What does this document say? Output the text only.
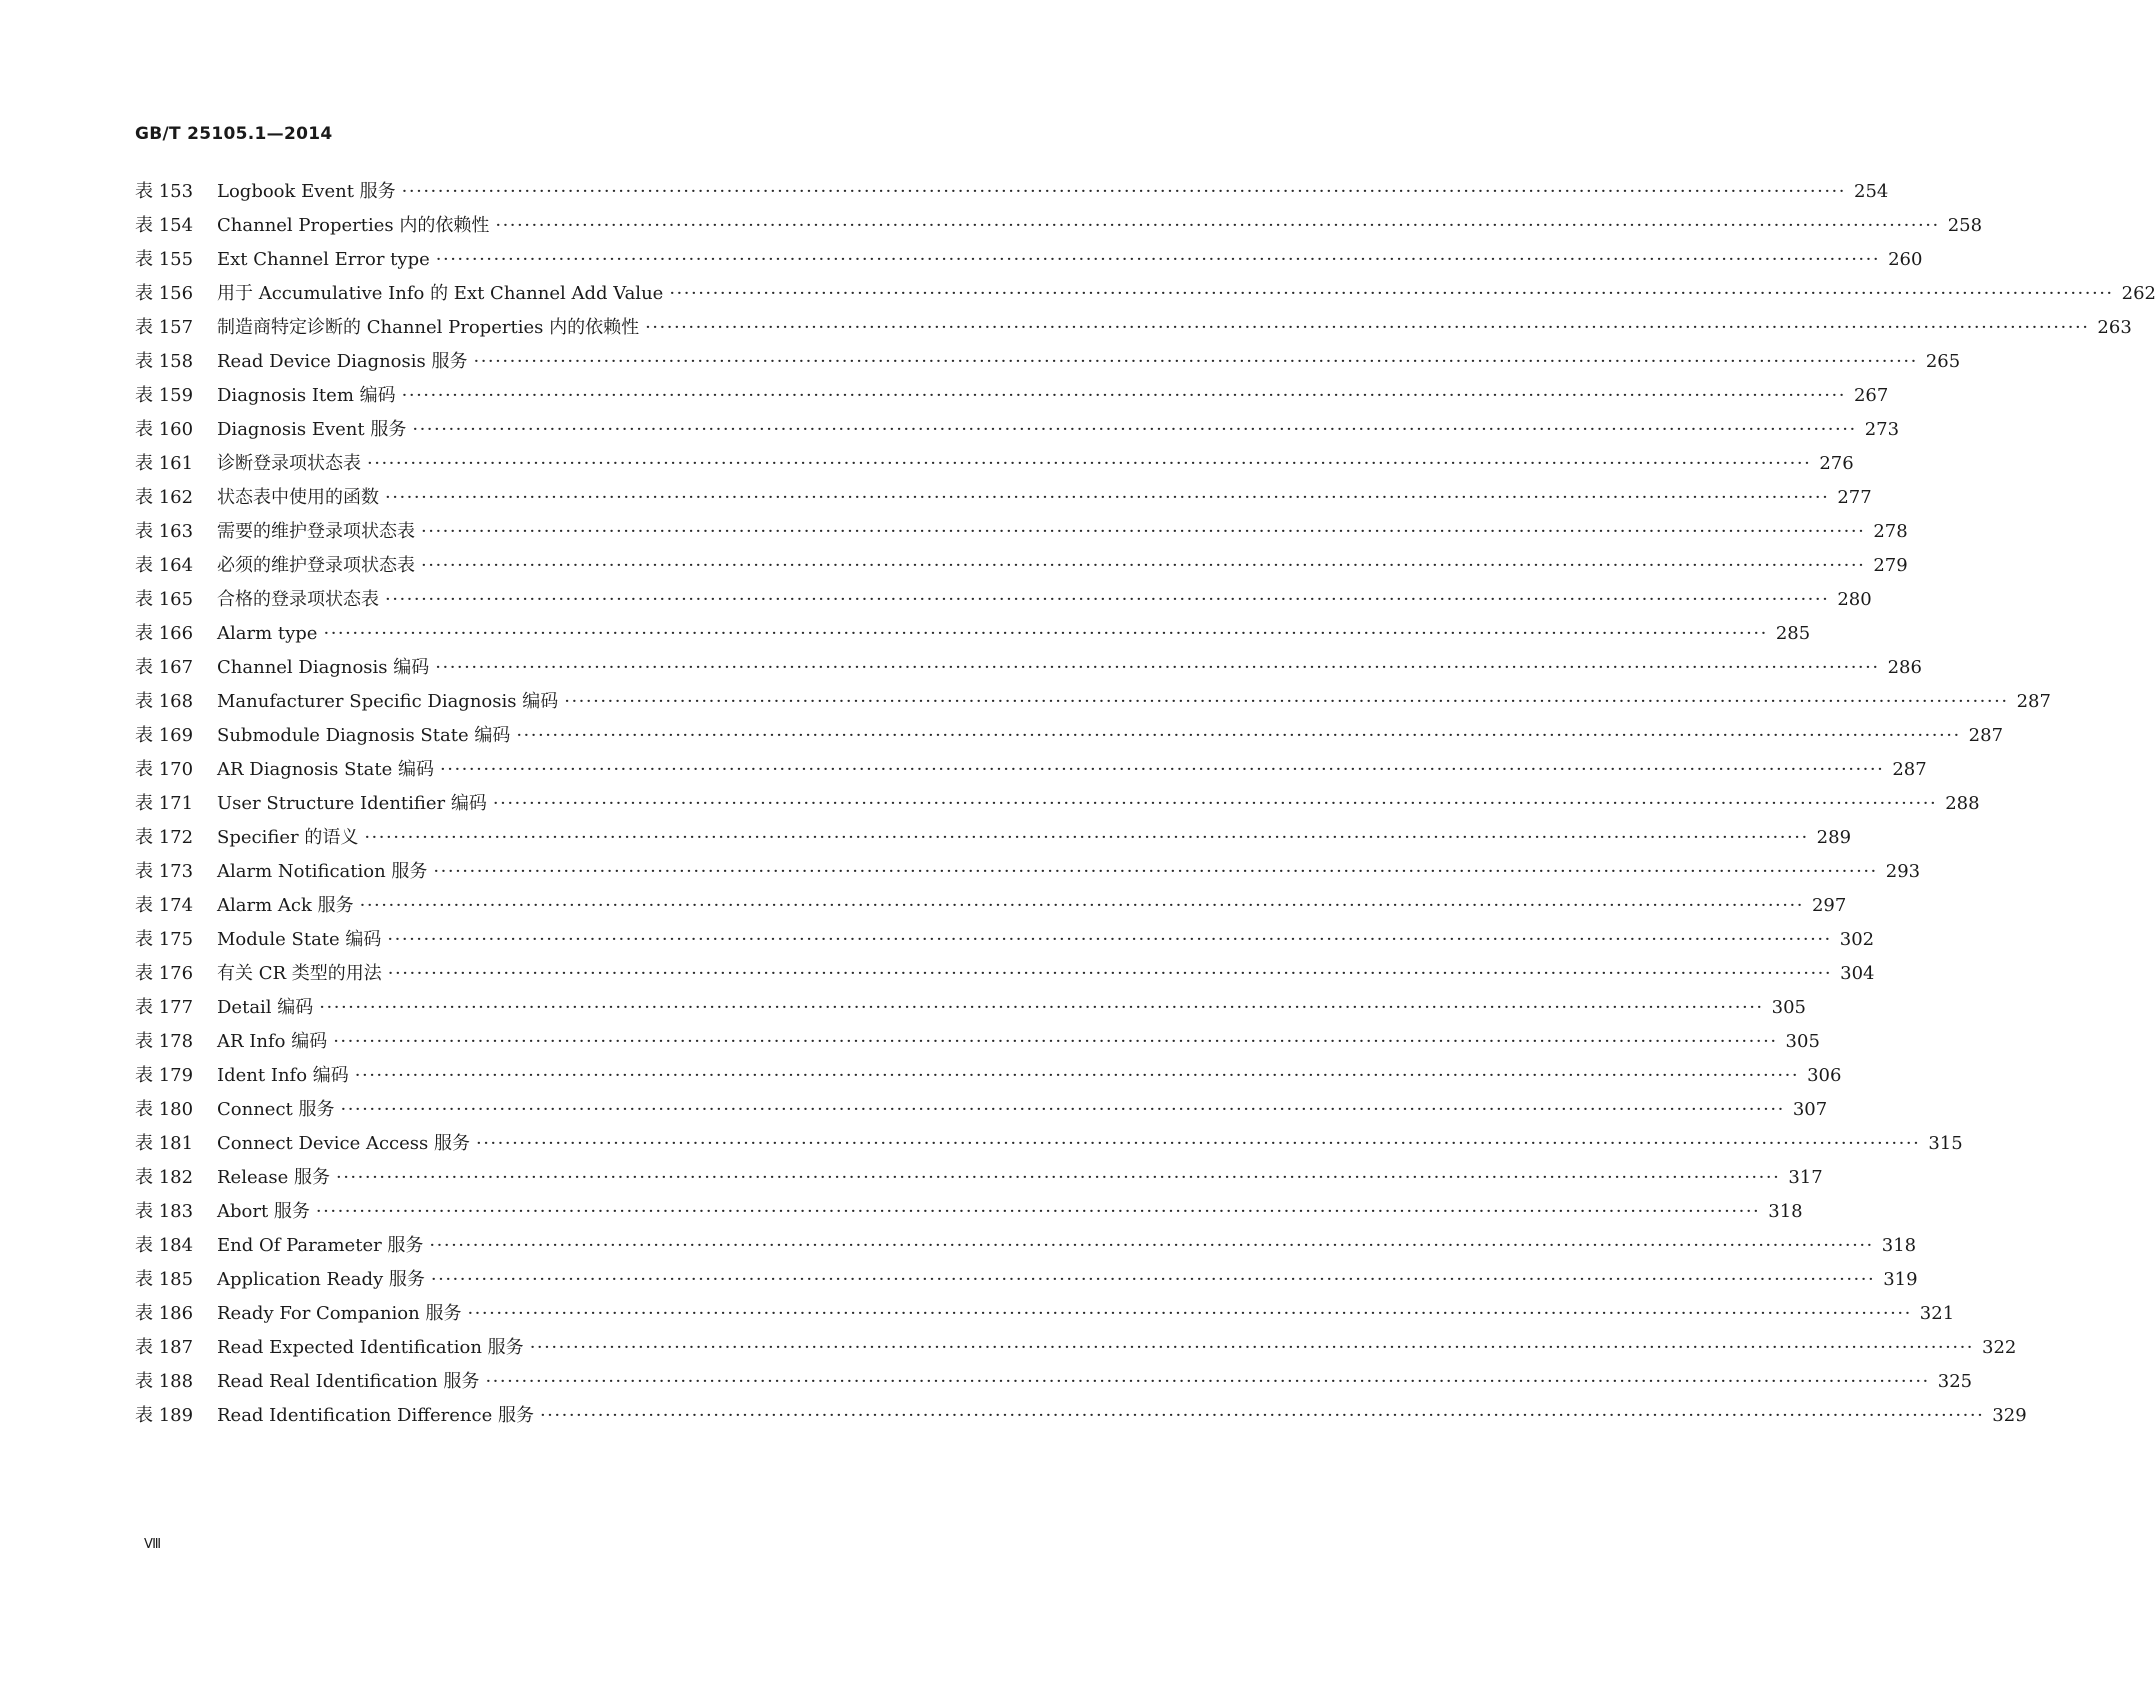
GB/T 25105.1—2014
表 153	Logbook Event 服务 ········································································································································································································ 254
表 154	Channel Properties 内的依赖性 ········································································································································································································ 258
表 155	Ext Channel Error type ········································································································································································································ 260
表 156	用于 Accumulative Info 的 Ext Channel Add Value ········································································································································································································ 262
表 157	制造商特定诊断的 Channel Properties 内的依赖性 ········································································································································································································ 263
表 158	Read Device Diagnosis 服务 ········································································································································································································ 265
表 159	Diagnosis Item 编码 ········································································································································································································ 267
表 160	Diagnosis Event 服务 ········································································································································································································ 273
表 161	诊断登录项状态表 ········································································································································································································ 276
表 162	状态表中使用的函数 ········································································································································································································ 277
表 163	需要的维护登录项状态表 ········································································································································································································ 278
表 164	必须的维护登录项状态表 ········································································································································································································ 279
表 165	合格的登录项状态表 ········································································································································································································ 280
表 166	Alarm type ········································································································································································································ 285
表 167	Channel Diagnosis 编码 ········································································································································································································ 286
表 168	Manufacturer Specific Diagnosis 编码 ········································································································································································································ 287
表 169	Submodule Diagnosis State 编码 ········································································································································································································ 287
表 170	AR Diagnosis State 编码 ········································································································································································································ 287
表 171	User Structure Identifier 编码 ········································································································································································································ 288
表 172	Specifier 的语义 ········································································································································································································ 289
表 173	Alarm Notification 服务 ········································································································································································································ 293
表 174	Alarm Ack 服务 ········································································································································································································ 297
表 175	Module State 编码 ········································································································································································································ 302
表 176	有关 CR 类型的用法 ········································································································································································································ 304
表 177	Detail 编码 ········································································································································································································ 305
表 178	AR Info 编码 ········································································································································································································ 305
表 179	Ident Info 编码 ········································································································································································································ 306
表 180	Connect 服务 ········································································································································································································ 307
表 181	Connect Device Access 服务 ········································································································································································································ 315
表 182	Release 服务 ········································································································································································································ 317
表 183	Abort 服务 ········································································································································································································ 318
表 184	End Of Parameter 服务 ········································································································································································································ 318
表 185	Application Ready 服务 ········································································································································································································ 319
表 186	Ready For Companion 服务 ········································································································································································································ 321
表 187	Read Expected Identification 服务 ········································································································································································································ 322
表 188	Read Real Identification 服务 ········································································································································································································ 325
表 189	Read Identification Difference 服务 ········································································································································································································ 329
Ⅷ
